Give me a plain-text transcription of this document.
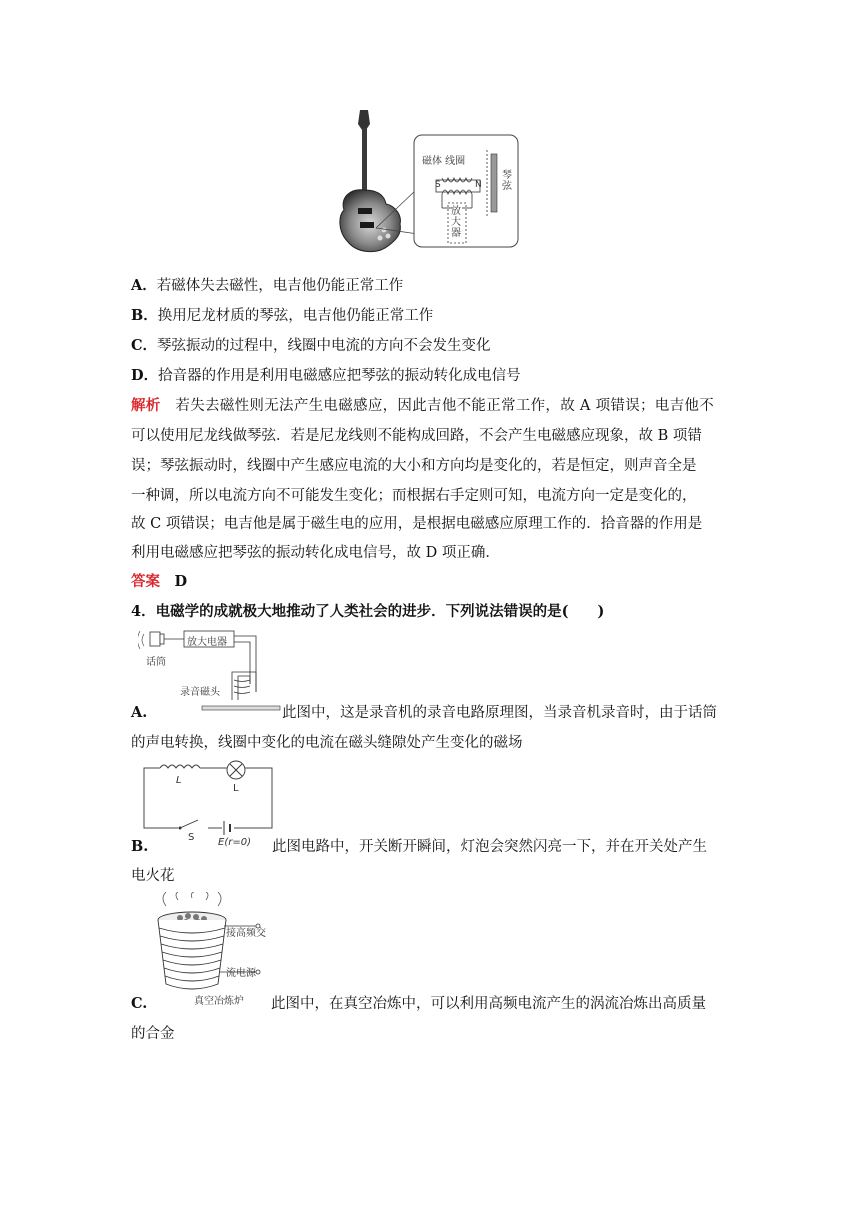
磁体 线圈
S	N
琴弦
放大器
A．若磁体失去磁性，电吉他仍能正常工作
B．换用尼龙材质的琴弦，电吉他仍能正常工作
C．琴弦振动的过程中，线圈中电流的方向不会发生变化
D．拾音器的作用是利用电磁感应把琴弦的振动转化成电信号
解析　 若失去磁性则无法产生电磁感应，因此吉他不能正常工作，故 A 项错误；电吉他不
可以使用尼龙线做琴弦．若是尼龙线则不能构成回路，不会产生电磁感应现象，故 B 项错
误；琴弦振动时，线圈中产生感应电流的大小和方向均是变化的，若是恒定，则声音全是
一种调，所以电流方向不可能发生变化；而根据右手定则可知，电流方向一定是变化的，
故 C 项错误；电吉他是属于磁生电的应用，是根据电磁感应原理工作的．拾音器的作用是
利用电磁感应把琴弦的振动转化成电信号，故 D 项正确．
答案　 D
4．电磁学的成就极大地推动了人类社会的进步．下列说法错误的是(　　)
放大电器
话筒
录音磁头
A.	此图中，这是录音机的录音电路原理图，当录音机录音时，由于话筒
的声电转换，线圈中变化的电流在磁头缝隙处产生变化的磁场
L
L
S E(r=0)
B.	此图电路中，开关断开瞬间，灯泡会突然闪亮一下，并在开关处产生
电火花
接高频交
流电源
真空冶炼炉
C.	此图中，在真空冶炼中，可以利用高频电流产生的涡流冶炼出高质量
的合金
